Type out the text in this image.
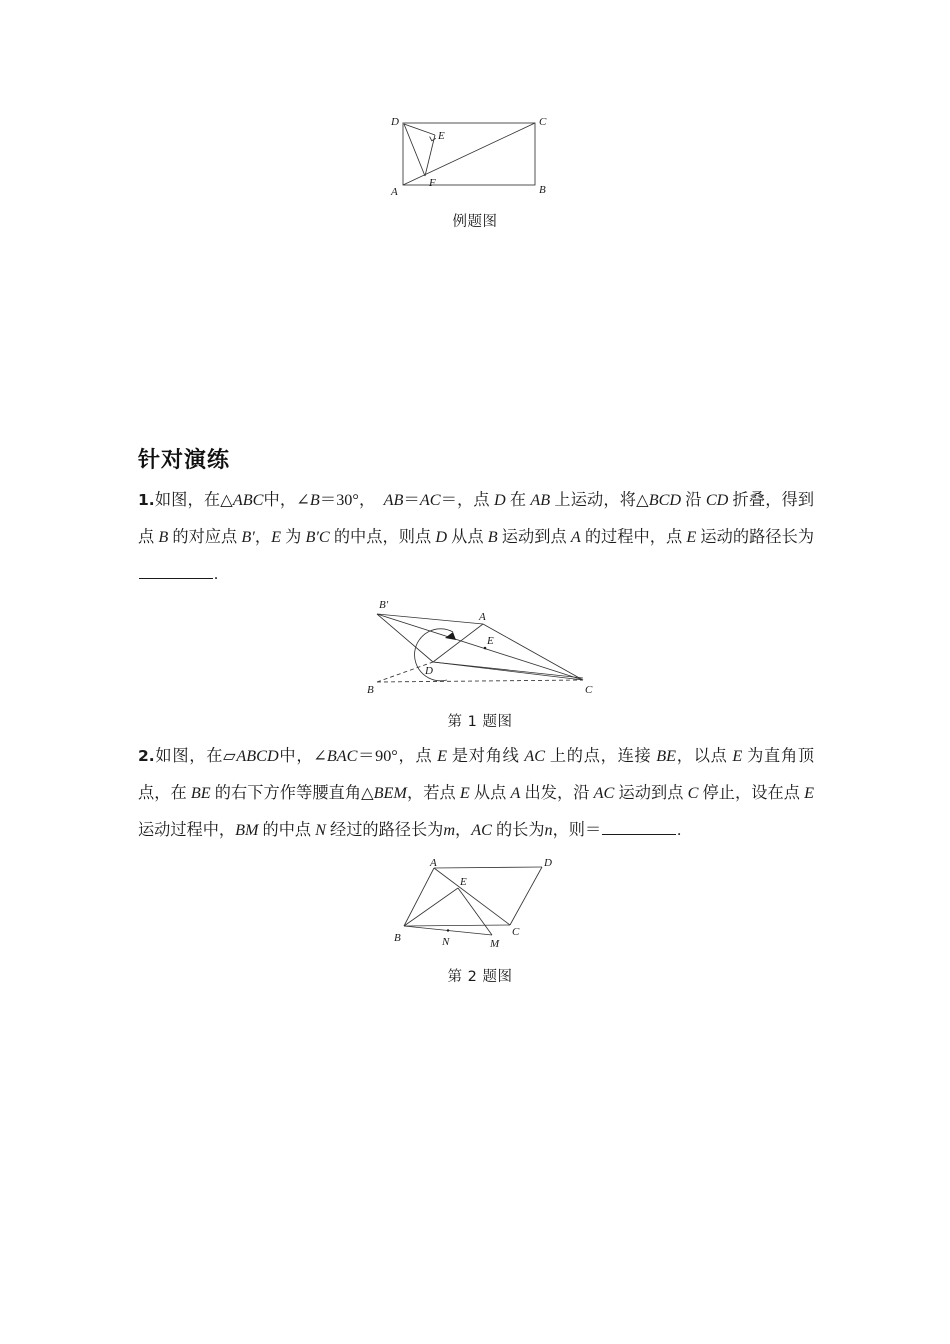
D	C
A	B
E
F
例题图
针对演练
1.如图，在△ABC中，∠B＝30°，　AB＝AC＝，点 D 在 AB 上运动，将△BCD 沿 CD 折叠，得到点 B 的对应点 B′，E 为 B′C 的中点，则点 D 从点 B 运动到点 A 的过程中，点 E 运动的路径长为.
B′
A
E
D
B	C
第 1 题图
2.如图，在▱ABCD中，∠BAC＝90°，点 E 是对角线 AC 上的点，连接 BE，以点 E 为直角顶点，在 BE 的右下方作等腰直角△BEM，若点 E 从点 A 出发，沿 AC 运动到点 C 停止，设在点 E 运动过程中，BM 的中点 N 经过的路径长为m，AC 的长为n，则＝	.
A	D
E
B	N	M
C
第 2 题图
